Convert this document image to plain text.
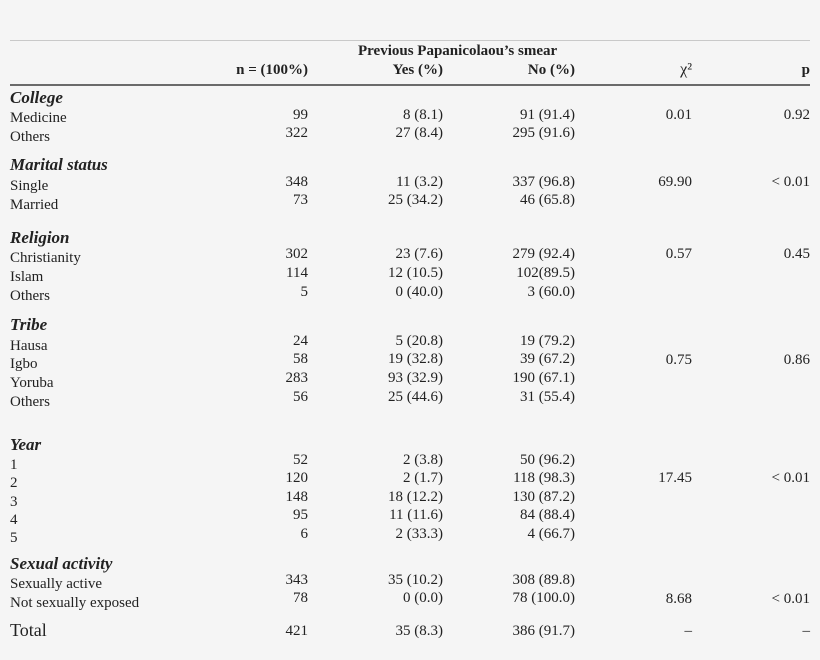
Previous Papanicolaou’s smear
n = (100%)	Yes (%)	No (%)	χ²	p
College
Medicine	99	8 (8.1)	91 (91.4)	0.01	0.92
Others	322	27 (8.4)	295 (91.6)
Marital status
Single	348	11 (3.2)	337 (96.8)	69.90	< 0.01
Married	73	25 (34.2)	46 (65.8)
Religion
Christianity	302	23 (7.6)	279 (92.4)	0.57	0.45
Islam	114	12 (10.5)	102(89.5)
Others	5	0 (40.0)	3 (60.0)
Tribe
Hausa	24	5 (20.8)	19 (79.2)
Igbo	58	19 (32.8)	39 (67.2)	0.75	0.86
Yoruba	283	93 (32.9)	190 (67.1)
Others	56	25 (44.6)	31 (55.4)
Year
1	52	2 (3.8)	50 (96.2)
2	120	2 (1.7)	118 (98.3)	17.45	< 0.01
3	148	18 (12.2)	130 (87.2)
4	95	11 (11.6)	84 (88.4)
5	6	2 (33.3)	4 (66.7)
Sexual activity
Sexually active	343	35 (10.2)	308 (89.8)
Not sexually exposed	78	0 (0.0)	78 (100.0)	8.68	< 0.01
Total	421	35 (8.3)	386 (91.7)	–	–
